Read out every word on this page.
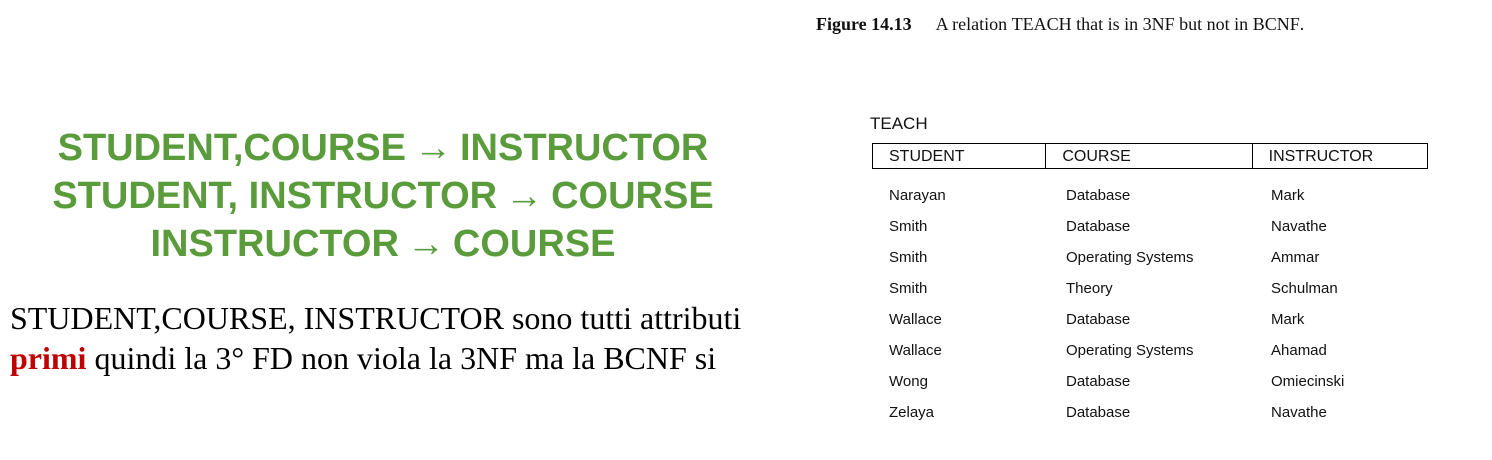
Figure 14.13 A relation TEACH that is in 3NF but not in BCNF.
STUDENT,COURSE → INSTRUCTOR
STUDENT, INSTRUCTOR → COURSE
INSTRUCTOR → COURSE
STUDENT,COURSE, INSTRUCTOR sono tutti attributi primi quindi la 3° FD non viola la 3NF ma la BCNF si
TEACH
STUDENT	COURSE	INSTRUCTOR
Narayan	Database	Mark
Smith	Database	Navathe
Smith	Operating Systems	Ammar
Smith	Theory	Schulman
Wallace	Database	Mark
Wallace	Operating Systems	Ahamad
Wong	Database	Omiecinski
Zelaya	Database	Navathe
